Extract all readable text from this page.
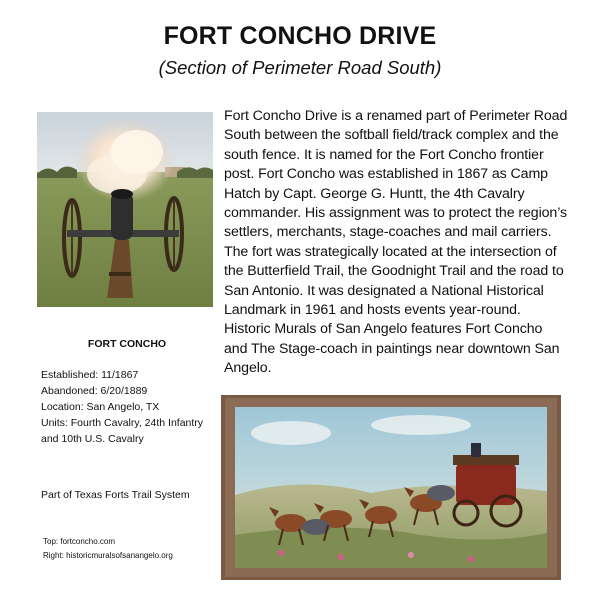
FORT CONCHO DRIVE
(Section of Perimeter Road South)
FORT CONCHO
Established: 11/1867
Abandoned: 6/20/1889
Location: San Angelo, TX
Units: Fourth Cavalry, 24th Infantry and 10th U.S. Cavalry
Part of Texas Forts Trail System
Top: fortconcho.com
Right: historicmuralsofsanangelo.org
Fort Concho Drive is a renamed part of Perimeter Road South between the softball field/track complex and the south fence. It is named for the Fort Concho frontier post. Fort Concho was established in 1867 as Camp Hatch by Capt. George G. Huntt, the 4th Cavalry commander. His assignment was to protect the region’s settlers, merchants, stage-coaches and mail carriers. The fort was strategically located at the intersection of the Butterfield Trail, the Goodnight Trail and the road to San Antonio. It was designated a National Historical Landmark in 1961 and hosts events year-round. Historic Murals of San Angelo features Fort Concho and The Stage-coach in paintings near downtown San Angelo.
